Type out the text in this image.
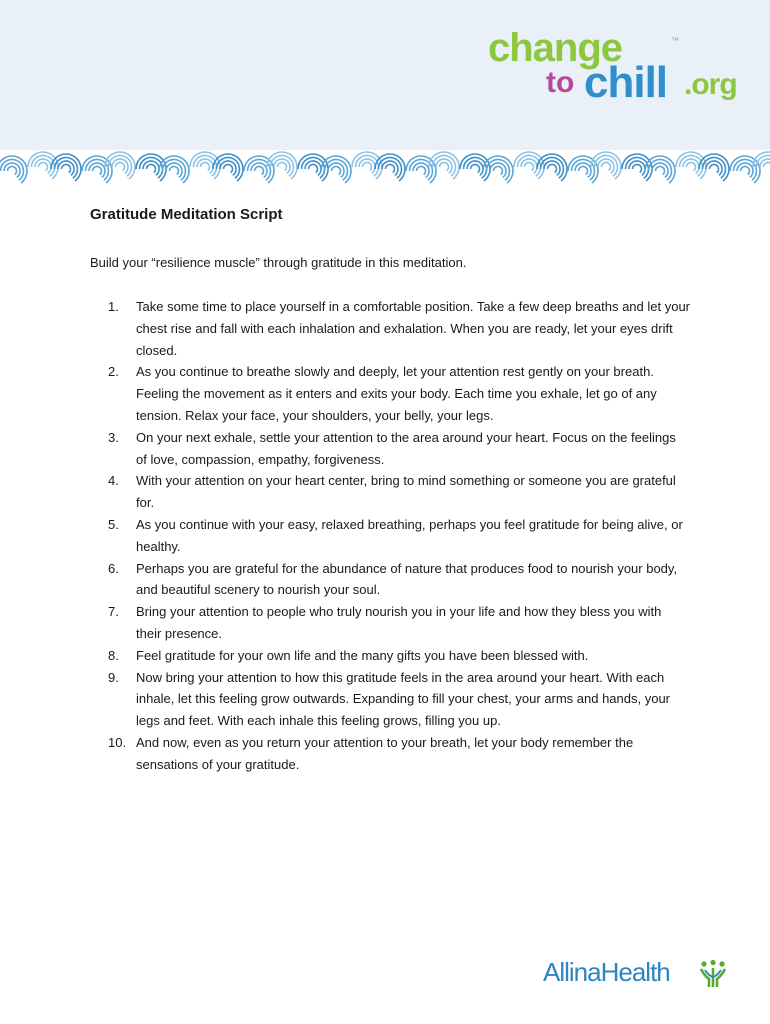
change	™
to chill .org
Gratitude Meditation Script

Build your “resilience muscle” through gratitude in this meditation.

1.	Take some time to place yourself in a comfortable position. Take a few deep breaths and let your chest rise and fall with each inhalation and exhalation. When you are ready, let your eyes drift closed.
2.	As you continue to breathe slowly and deeply, let your attention rest gently on your breath. Feeling the movement as it enters and exits your body. Each time you exhale, let go of any tension. Relax your face, your shoulders, your belly, your legs.
3.	On your next exhale, settle your attention to the area around your heart. Focus on the feelings of love, compassion, empathy, forgiveness.
4.	With your attention on your heart center, bring to mind something or someone you are grateful for.
5.	As you continue with your easy, relaxed breathing, perhaps you feel gratitude for being alive, or healthy.
6.	Perhaps you are grateful for the abundance of nature that produces food to nourish your body, and beautiful scenery to nourish your soul.
7.	Bring your attention to people who truly nourish you in your life and how they bless you with their presence.
8.	Feel gratitude for your own life and the many gifts you have been blessed with.
9.	Now bring your attention to how this gratitude feels in the area around your heart. With each inhale, let this feeling grow outwards. Expanding to fill your chest, your arms and hands, your legs and feet. With each inhale this feeling grows, filling you up.
10. And now, even as you return your attention to your breath, let your body remember the sensations of your gratitude.
AllinaHealth
